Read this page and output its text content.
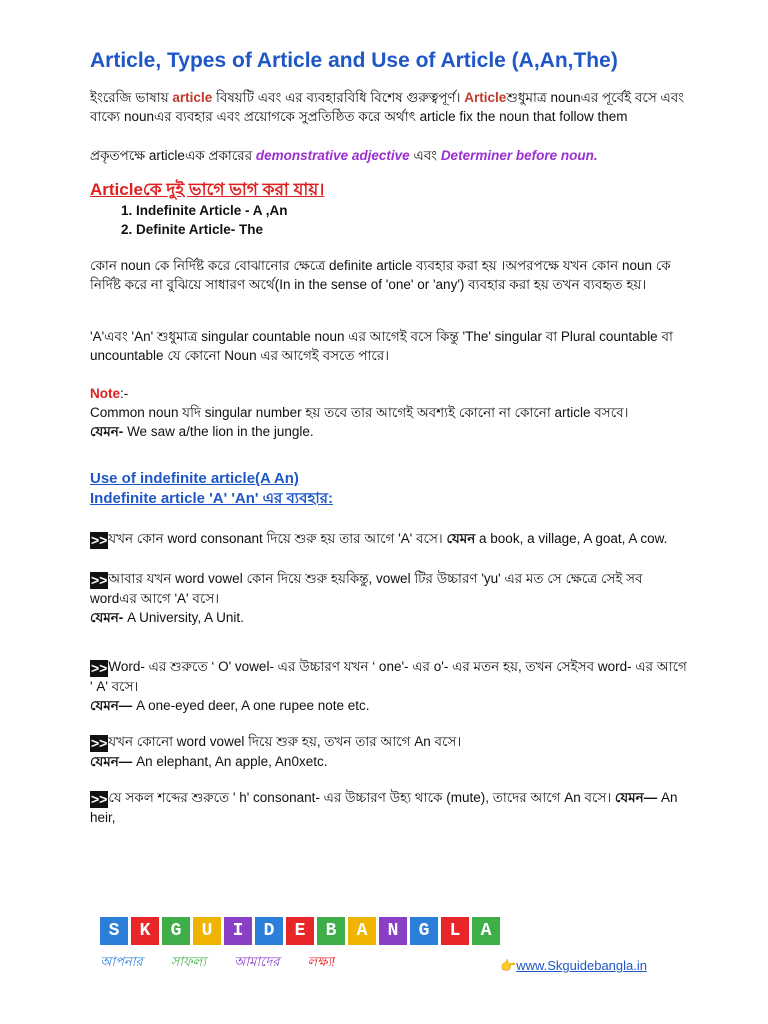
Article, Types of Article and Use of Article (A,An,The)

ইংরেজি ভাষায় article বিষয়টি এবং এর ব্যবহারবিধি বিশেষ গুরুত্বপূর্ণ। Articleশুধুমাত্র nounএর পূর্বেই বসে এবং
বাক্যে nounএর ব্যবহার এবং প্রয়োগকে সুপ্রতিষ্ঠিত করে অর্থাৎ article fix the noun that follow them

প্রকৃতপক্ষে articleএক প্রকারের demonstrative adjective এবং Determiner before noun.

Articleকে দুই ভাগে ভাগ করা যায়।
1. Indefinite Article - A ,An
2. Definite Article- The

কোন noun কে নির্দিষ্ট করে বোঝানোর ক্ষেত্রে definite article ব্যবহার করা হয় ।অপরপক্ষে যখন কোন noun কে
নির্দিষ্ট করে না বুঝিয়ে সাধারণ অর্থে(In in the sense of 'one' or 'any') ব্যবহার করা হয় তখন ব্যবহৃত হয়।

'A'এবং 'An' শুধুমাত্র singular countable noun এর আগেই বসে কিন্তু 'The' singular বা Plural countable বা
uncountable যে কোনো Noun এর আগেই বসতে পারে।

Note:-
Common noun যদি singular number হয় তবে তার আগেই অবশ্যই কোনো না কোনো article বসবে।
যেমন- We saw a/the lion in the jungle.

Use of indefinite article(A An)
Indefinite article 'A' 'An' এর ব্যবহার:

>>যখন কোন word consonant দিয়ে শুরু হয় তার আগে 'A' বসে। যেমন a book, a village, A goat, A cow.

>>আবার যখন word vowel কোন দিয়ে শুরু হয়কিন্তু, vowel টির উচ্চারণ 'yu' এর মত সে ক্ষেত্রে সেই সব
wordএর আগে 'A' বসে।
যেমন- A University, A Unit.

>>Word- এর শুরুতে ‘ O' vowel- এর উচ্চারণ যখন ‘ one'- এর o'- এর মতন হয়, তখন সেইসব word- এর আগে
' A' বসে।
যেমন— A one-eyed deer, A one rupee note etc.

>>যখন কোনো word vowel দিয়ে শুরু হয়, তখন তার আগে An বসে।
যেমন— An elephant, An apple, An0xetc.

>>যে সকল শব্দের শুরুতে ' h' consonant- এর উচ্চারণ উহ্য থাকে (mute), তাদের আগে An বসে। যেমন— An
heir,

S	K	G	U	I	D	E	B	A	N	G	L	A
আপনার সাফল্য আমাদের লক্ষ্য!	👉www.Skguidebangla.in
